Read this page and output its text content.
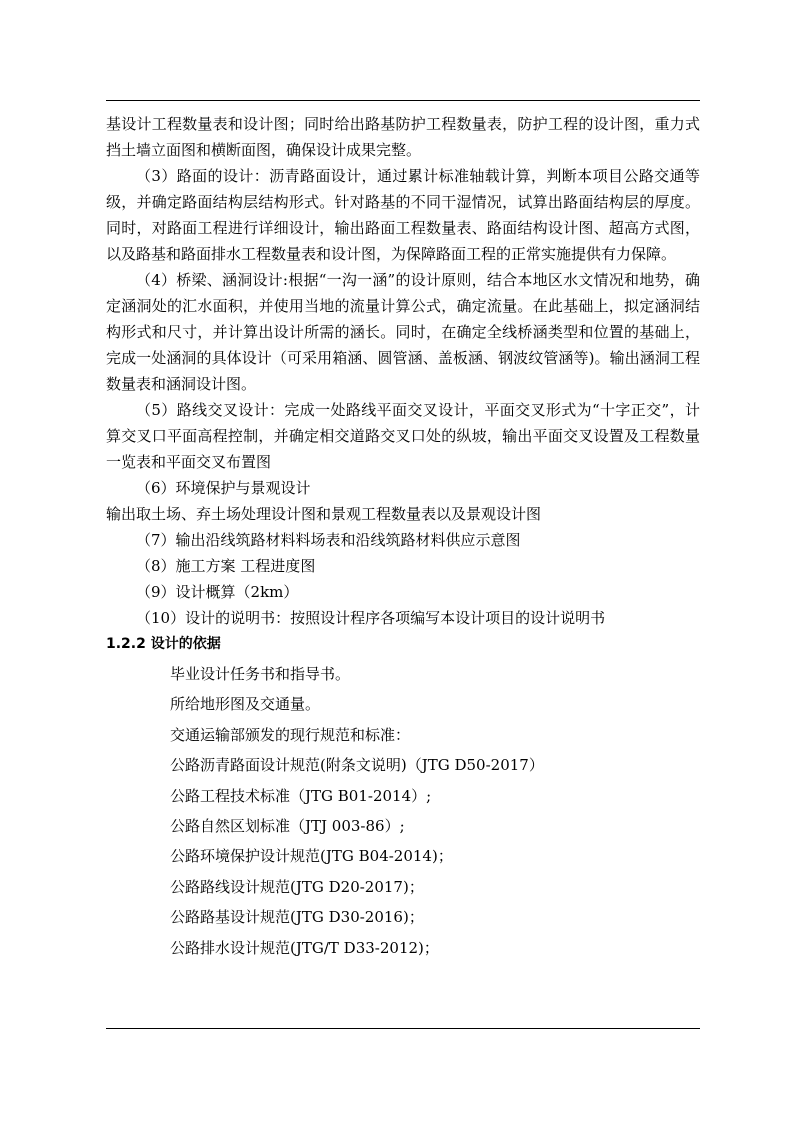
基设计工程数量表和设计图；同时给出路基防护工程数量表，防护工程的设计图，重力式挡土墙立面图和横断面图，确保设计成果完整。

（3）路面的设计：沥青路面设计，通过累计标准轴载计算，判断本项目公路交通等级，并确定路面结构层结构形式。针对路基的不同干湿情况，试算出路面结构层的厚度。同时，对路面工程进行详细设计，输出路面工程数量表、路面结构设计图、超高方式图，以及路基和路面排水工程数量表和设计图，为保障路面工程的正常实施提供有力保障。

（4）桥梁、涵洞设计:根据“一沟一涵”的设计原则，结合本地区水文情况和地势，确定涵洞处的汇水面积，并使用当地的流量计算公式，确定流量。在此基础上，拟定涵洞结构形式和尺寸，并计算出设计所需的涵长。同时，在确定全线桥涵类型和位置的基础上，完成一处涵洞的具体设计（可采用箱涵、圆管涵、盖板涵、钢波纹管涵等)。输出涵洞工程数量表和涵洞设计图。

（5）路线交叉设计：完成一处路线平面交叉设计，平面交叉形式为“十字正交”，计算交叉口平面高程控制，并确定相交道路交叉口处的纵坡，输出平面交叉设置及工程数量一览表和平面交叉布置图

（6）环境保护与景观设计

输出取土场、弃土场处理设计图和景观工程数量表以及景观设计图

（7）输出沿线筑路材料料场表和沿线筑路材料供应示意图

（8）施工方案 工程进度图

（9）设计概算（2km）

（10）设计的说明书：按照设计程序各项编写本设计项目的设计说明书

1.2.2 设计的依据

毕业设计任务书和指导书。

所给地形图及交通量。

交通运输部颁发的现行规范和标准：

公路沥青路面设计规范(附条文说明)（JTG D50-2017）

公路工程技术标准（JTG B01-2014）;

公路自然区划标准（JTJ 003-86）;

公路环境保护设计规范(JTG B04-2014)；

公路路线设计规范(JTG D20-2017)；

公路路基设计规范(JTG D30-2016)；

公路排水设计规范(JTG/T D33-2012)；
